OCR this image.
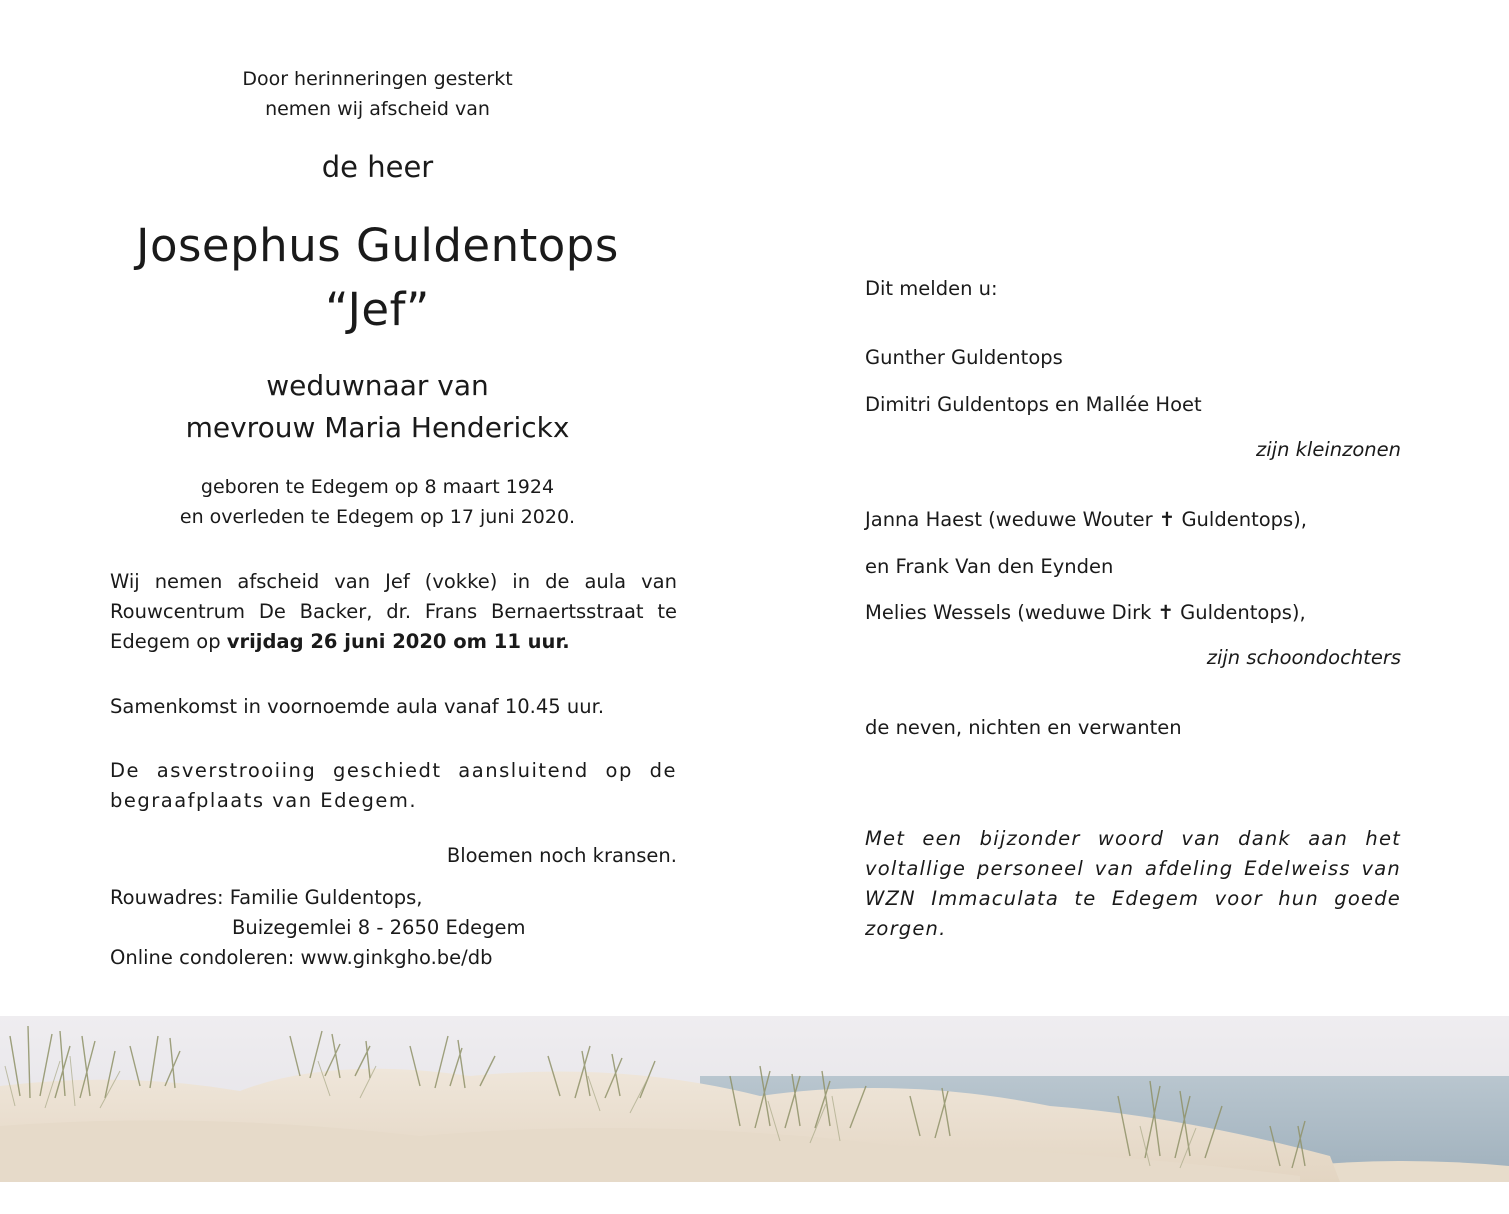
Door herinneringen gesterkt
nemen wij afscheid van
de heer
Josephus Guldentops
“Jef”
weduwnaar van
mevrouw Maria Henderickx
geboren te Edegem op 8 maart 1924
en overleden te Edegem op 17 juni 2020.
Wij nemen afscheid van Jef (vokke) in de aula van Rouwcentrum De Backer, dr. Frans Bernaertsstraat te Edegem op vrijdag 26 juni 2020 om 11 uur.
Samenkomst in voornoemde aula vanaf 10.45 uur.
De asverstrooiing geschiedt aansluitend op de begraafplaats van Edegem.
Bloemen noch kransen.
Rouwadres: Familie Guldentops,
Buizegemlei 8 - 2650 Edegem
Online condoleren: www.ginkgho.be/db
Dit melden u:
Gunther Guldentops
Dimitri Guldentops en Mallée Hoet
zijn kleinzonen
Janna Haest (weduwe Wouter ✝ Guldentops),
en Frank Van den Eynden
Melies Wessels (weduwe Dirk ✝ Guldentops),
zijn schoondochters
de neven, nichten en verwanten
Met een bijzonder woord van dank aan het voltallige personeel van afdeling Edelweiss van WZN Immaculata te Edegem voor hun goede zorgen.
